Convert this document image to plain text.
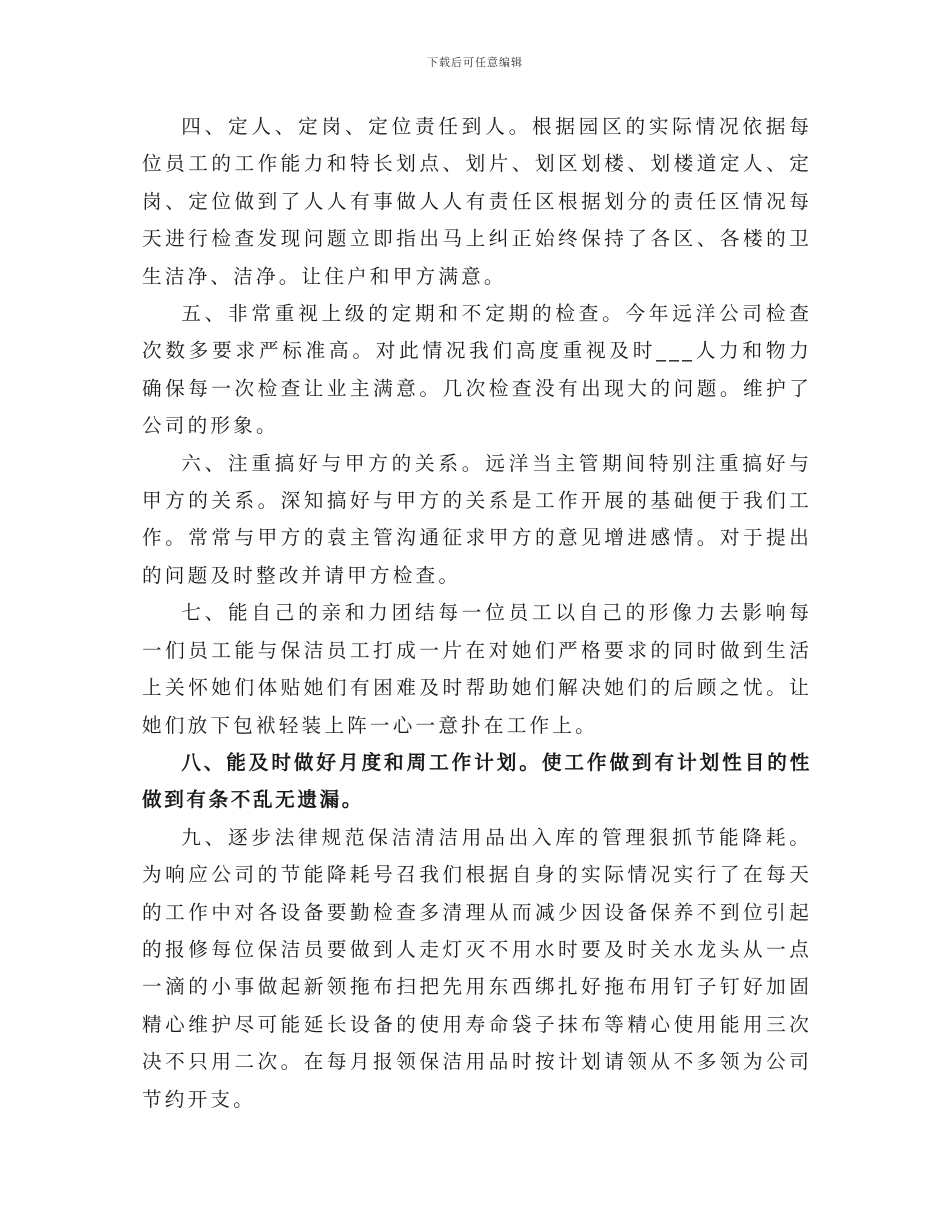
下载后可任意编辑

四、定人、定岗、定位责任到人。根据园区的实际情况依据每位员工的工作能力和特长划点、划片、划区划楼、划楼道定人、定岗、定位做到了人人有事做人人有责任区根据划分的责任区情况每天进行检查发现问题立即指出马上纠正始终保持了各区、各楼的卫生洁净、洁净。让住户和甲方满意。

五、非常重视上级的定期和不定期的检查。今年远洋公司检查次数多要求严标准高。对此情况我们高度重视及时___人力和物力确保每一次检查让业主满意。几次检查没有出现大的问题。维护了公司的形象。

六、注重搞好与甲方的关系。远洋当主管期间特别注重搞好与甲方的关系。深知搞好与甲方的关系是工作开展的基础便于我们工作。常常与甲方的袁主管沟通征求甲方的意见增进感情。对于提出的问题及时整改并请甲方检查。

七、能自己的亲和力团结每一位员工以自己的形像力去影响每一们员工能与保洁员工打成一片在对她们严格要求的同时做到生活上关怀她们体贴她们有困难及时帮助她们解决她们的后顾之忧。让她们放下包袱轻装上阵一心一意扑在工作上。

八、能及时做好月度和周工作计划。使工作做到有计划性目的性做到有条不乱无遗漏。

九、逐步法律规范保洁清洁用品出入库的管理狠抓节能降耗。为响应公司的节能降耗号召我们根据自身的实际情况实行了在每天的工作中对各设备要勤检查多清理从而减少因设备保养不到位引起的报修每位保洁员要做到人走灯灭不用水时要及时关水龙头从一点一滴的小事做起新领拖布扫把先用东西绑扎好拖布用钉子钉好加固精心维护尽可能延长设备的使用寿命袋子抹布等精心使用能用三次决不只用二次。在每月报领保洁用品时按计划请领从不多领为公司节约开支。
